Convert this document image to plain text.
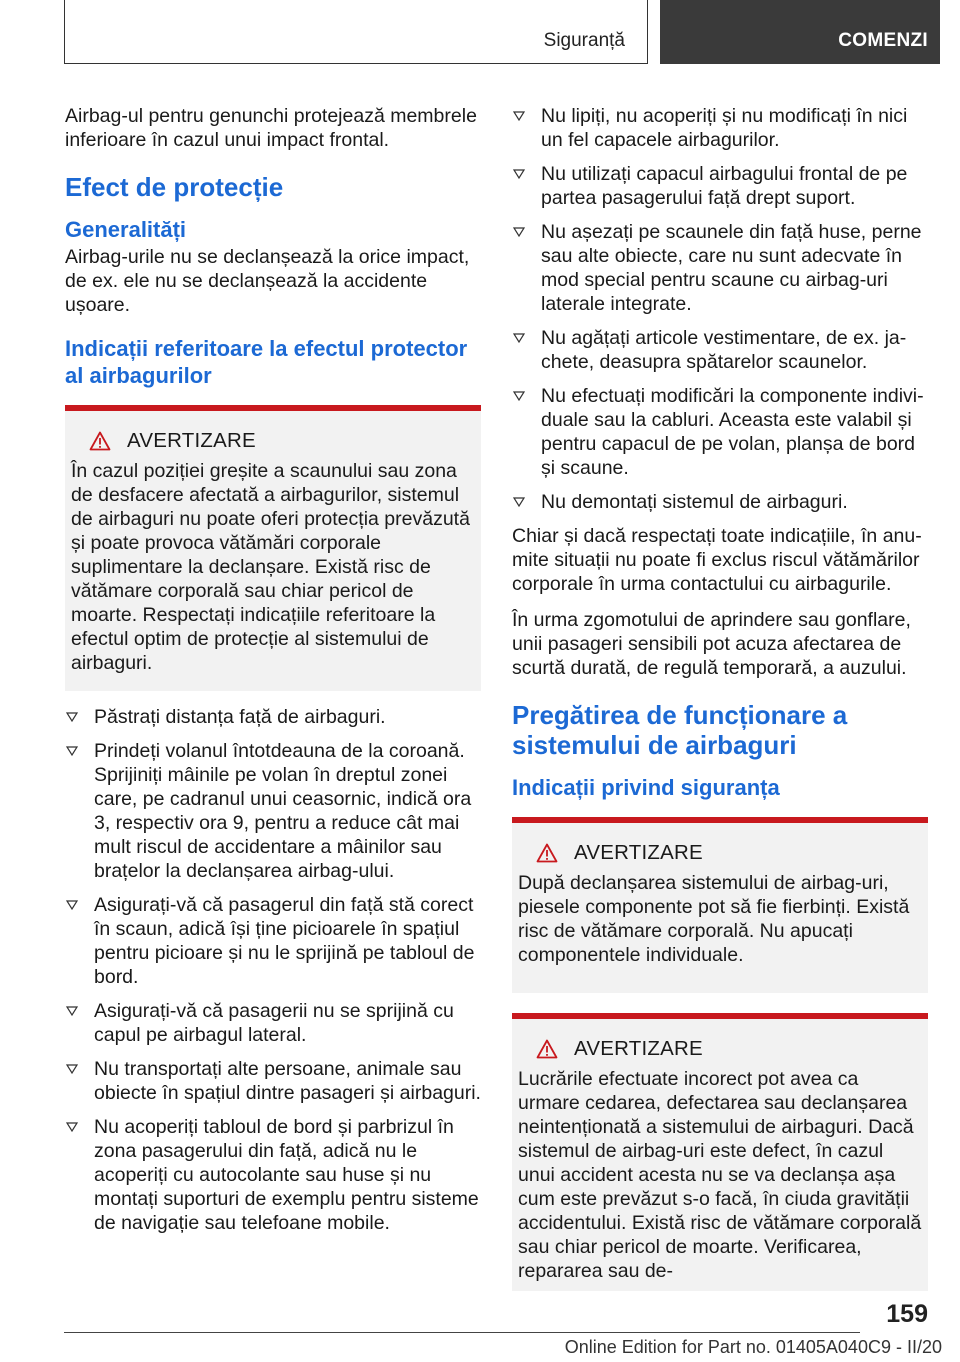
Siguranță	COMENZI

Airbag-ul pentru genunchi protejează membrele inferioare în cazul unui impact frontal.

Efect de protecție
Generalități

Airbag-urile nu se declanșează la orice impact, de ex. ele nu se declanșează la accidente ușoare.

Indicații referitoare la efectul protector al airbagurilor
AVERTIZARE

În cazul poziției greșite a scaunului sau zona de desfacere afectată a airbagurilor, sistemul de airbaguri nu poate oferi protecția prevăzută și poate provoca vătămări corporale suplimentare la declanșare. Există risc de vătămare corporală sau chiar pericol de moarte. Respectați indicațiile referitoare la efectul optim de protecție al sistemului de airbaguri.

Păstrați distanța față de airbaguri.
Prindeți volanul întotdeauna de la coroană. Sprijiniți mâinile pe volan în dreptul zonei care, pe cadranul unui ceasornic, indică ora 3, respectiv ora 9, pentru a reduce cât mai mult riscul de accidentare a mâinilor sau brațelor la declanșarea airbag-ului.
Asigurați-vă că pasagerul din față stă corect în scaun, adică își ține picioarele în spațiul pentru picioare și nu le sprijină pe tabloul de bord.
Asigurați-vă că pasagerii nu se sprijină cu capul pe airbagul lateral.
Nu transportați alte persoane, animale sau obiecte în spațiul dintre pasageri și airbaguri.
Nu acoperiți tabloul de bord și parbrizul în zona pasagerului din față, adică nu le acoperiți cu autocolante sau huse și nu montați suporturi de exemplu pentru sisteme de navigație sau telefoane mobile.
Nu lipiți, nu acoperiți și nu modificați în nici un fel capacele airbagurilor.
Nu utilizați capacul airbagului frontal de pe partea pasagerului față drept suport.
Nu așezați pe scaunele din față huse, perne sau alte obiecte, care nu sunt adecvate în mod special pentru scaune cu airbag-uri laterale integrate.
Nu agățați articole vestimentare, de ex. jachete, deasupra spătarelor scaunelor.
Nu efectuați modificări la componente individuale sau la cabluri. Aceasta este valabil și pentru capacul de pe volan, planșa de bord și scaune.
Nu demontați sistemul de airbaguri.

Chiar și dacă respectați toate indicațiile, în anumite situații nu poate fi exclus riscul vătămărilor corporale în urma contactului cu airbagurile.

În urma zgomotului de aprindere sau gonflare, unii pasageri sensibili pot acuza afectarea de scurtă durată, de regulă temporară, a auzului.

Pregătirea de funcționare a sistemului de airbaguri
Indicații privind siguranța
AVERTIZARE

După declanșarea sistemului de airbag-uri, piesele componente pot să fie fierbinți. Există risc de vătămare corporală. Nu apucați componentele individuale.

AVERTIZARE

Lucrările efectuate incorect pot avea ca urmare cedarea, defectarea sau declanșarea neintenționată a sistemului de airbaguri. Dacă sistemul de airbag-uri este defect, în cazul unui accident acesta nu se va declanșa așa cum este prevăzut s-o facă, în ciuda gravității accidentului. Există risc de vătămare corporală sau chiar pericol de moarte. Verificarea, repararea sau de-

159
Online Edition for Part no. 01405A040C9 - II/20
